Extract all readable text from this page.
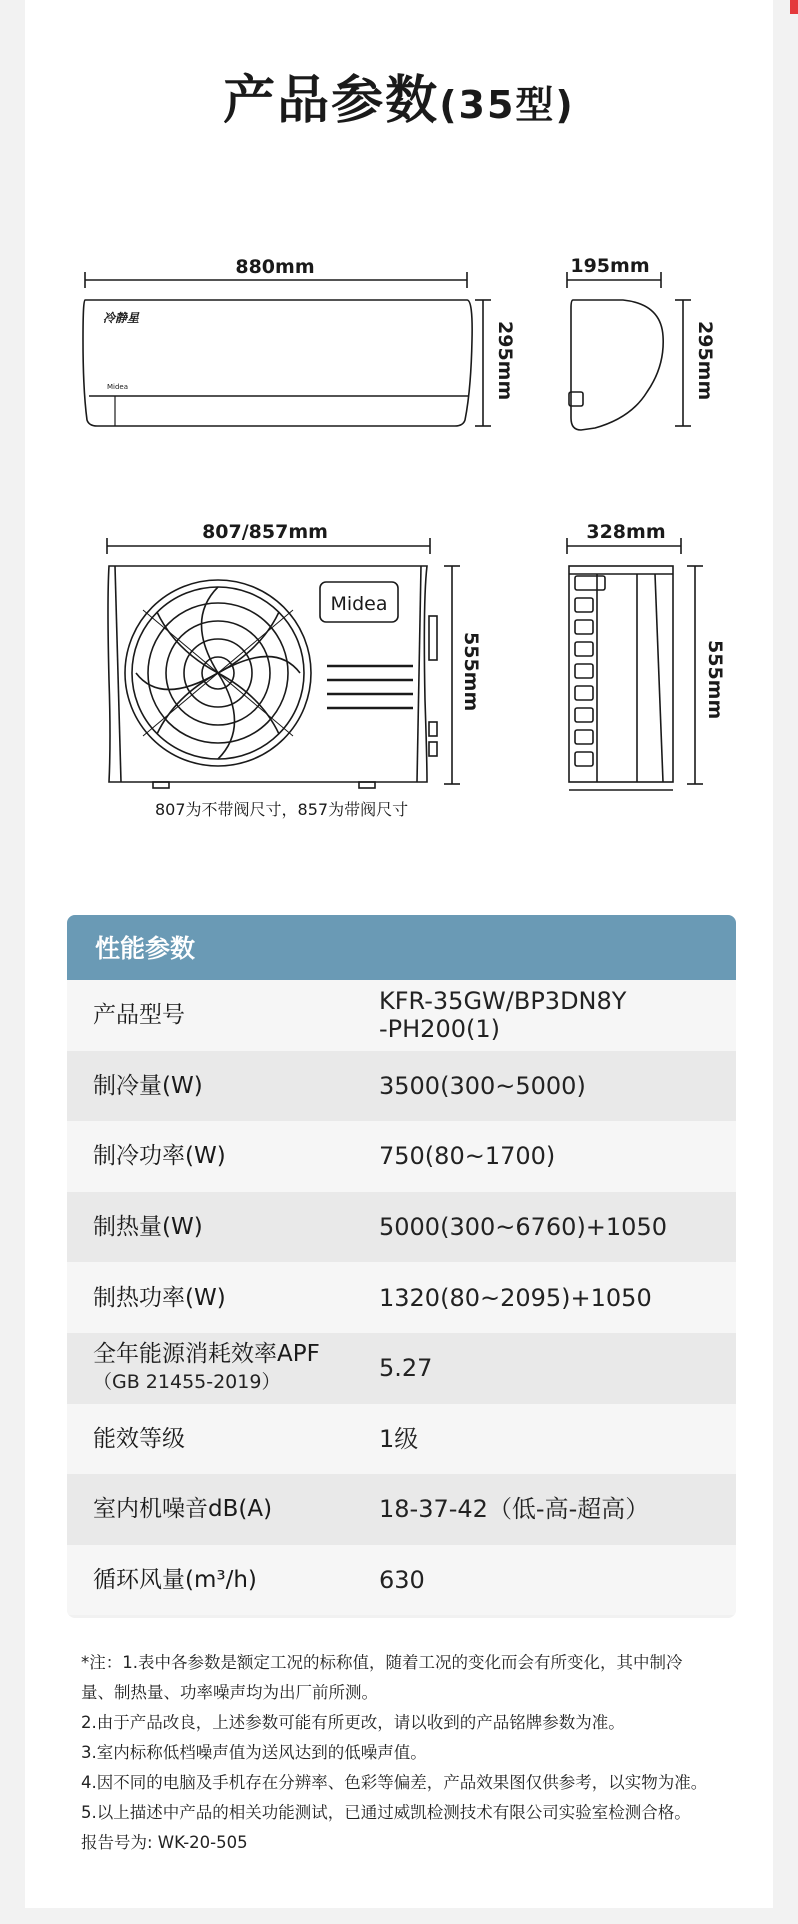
产品参数(35型)
880mm
冷静星
Midea	295mm
195mm
295mm
807/857mm
Midea
555mm
328mm
555mm
807为不带阀尺寸，857为带阀尺寸
性能参数
产品型号	KFR-35GW/BP3DN8Y
-PH200(1)
制冷量(W)	3500(300~5000)
制冷功率(W)	750(80~1700)
制热量(W)	5000(300~6760)+1050
制热功率(W)	1320(80~2095)+1050
全年能源消耗效率APF
（GB 21455-2019）	5.27
能效等级	1级
室内机噪音dB(A)	18-37-42（低-高-超高）
循环风量(m³/h)	630
*注：1.表中各参数是额定工况的标称值，随着工况的变化而会有所变化，其中制冷
量、制热量、功率噪声均为出厂前所测。
2.由于产品改良，上述参数可能有所更改，请以收到的产品铭牌参数为准。
3.室内标称低档噪声值为送风达到的低噪声值。
4.因不同的电脑及手机存在分辨率、色彩等偏差，产品效果图仅供参考，以实物为准。
5.以上描述中产品的相关功能测试，已通过威凯检测技术有限公司实验室检测合格。
报告号为: WK-20-505
